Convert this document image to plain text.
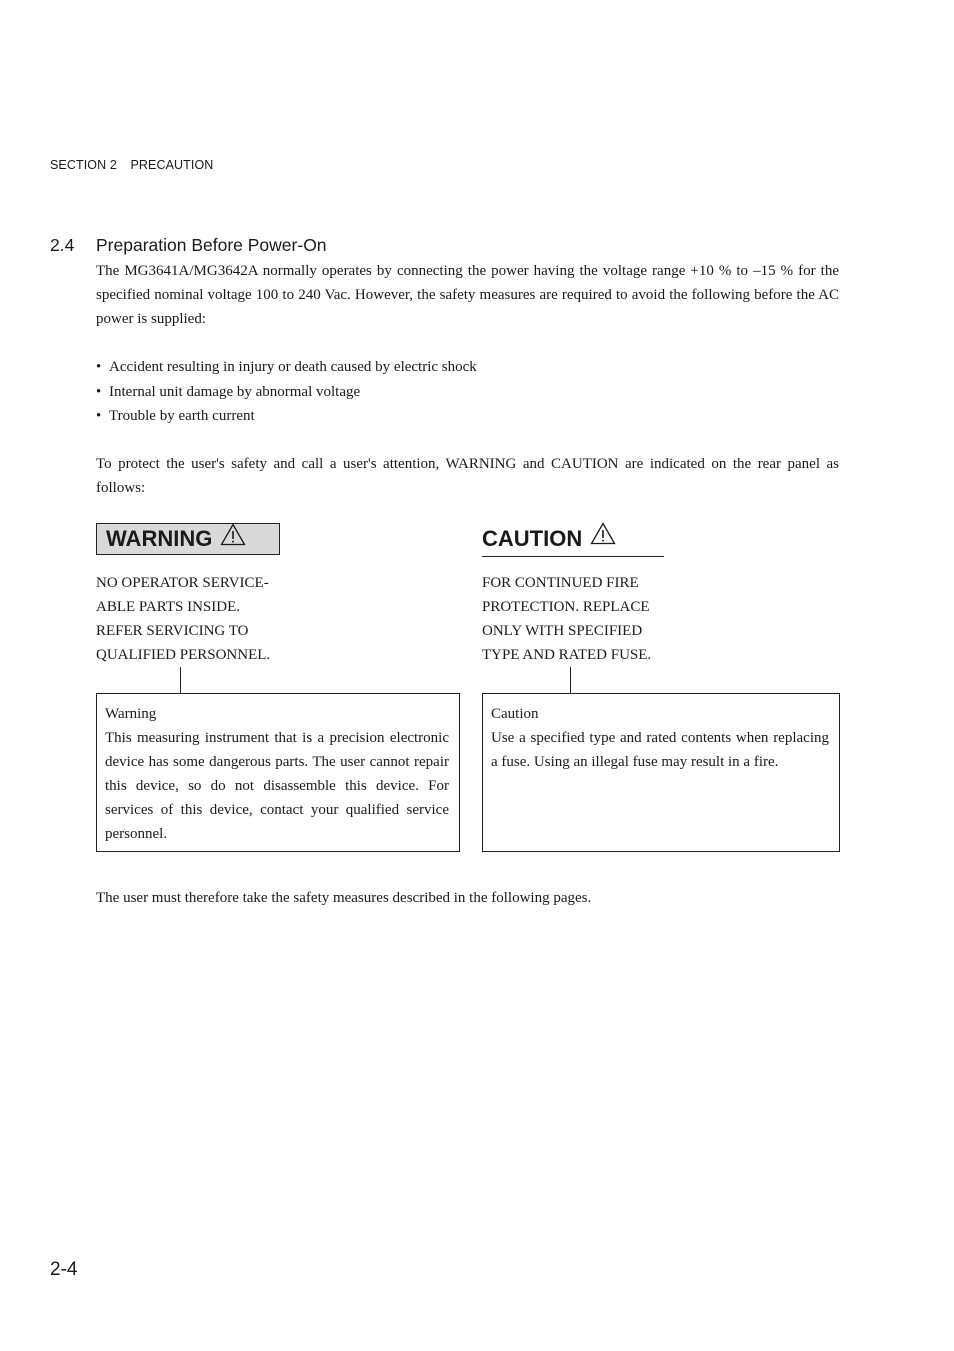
SECTION 2 PRECAUTION
2.4 Preparation Before Power-On
The MG3641A/MG3642A normally operates by connecting the power having the voltage range +10 % to –15 % for the specified nominal voltage 100 to 240 Vac. However, the safety measures are required to avoid the following before the AC power is supplied:
• Accident resulting in injury or death caused by electric shock
• Internal unit damage by abnormal voltage
• Trouble by earth current
To protect the user's safety and call a user's attention, WARNING and CAUTION are indicated on the rear panel as follows:
WARNING	CAUTION
NO OPERATOR SERVICE-
ABLE PARTS INSIDE.
REFER SERVICING TO
QUALIFIED PERSONNEL.
FOR CONTINUED FIRE
PROTECTION. REPLACE
ONLY WITH SPECIFIED
TYPE AND RATED FUSE.
Warning
This measuring instrument that is a precision electronic device has some dangerous parts. The user cannot repair this device, so do not disassemble this device. For services of this device, contact your qualified service personnel.
Caution
Use a specified type and rated contents when replacing a fuse. Using an illegal fuse may result in a fire.
The user must therefore take the safety measures described in the following pages.
2-4
